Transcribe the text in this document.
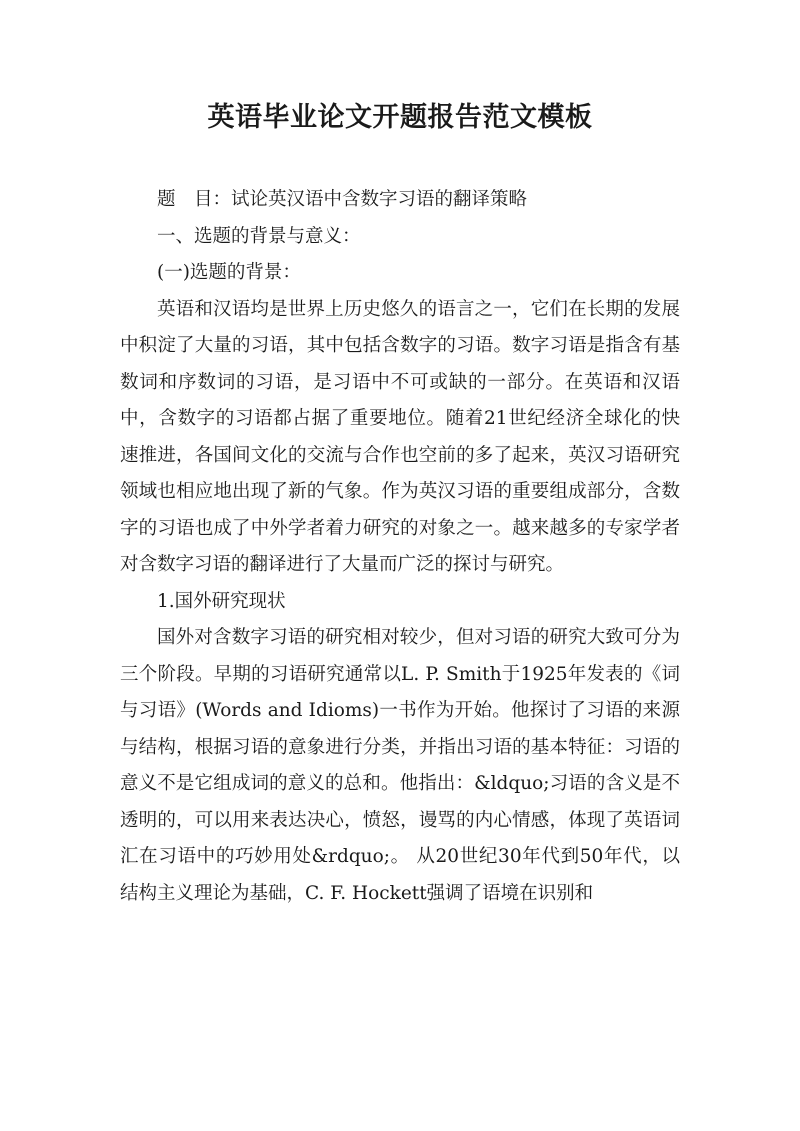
英语毕业论文开题报告范文模板

题　目：试论英汉语中含数字习语的翻译策略

一、选题的背景与意义：

(一)选题的背景：

英语和汉语均是世界上历史悠久的语言之一，它们在长期的发展中积淀了大量的习语，其中包括含数字的习语。数字习语是指含有基数词和序数词的习语，是习语中不可或缺的一部分。在英语和汉语中，含数字的习语都占据了重要地位。随着21世纪经济全球化的快速推进，各国间文化的交流与合作也空前的多了起来，英汉习语研究领域也相应地出现了新的气象。作为英汉习语的重要组成部分，含数字的习语也成了中外学者着力研究的对象之一。越来越多的专家学者对含数字习语的翻译进行了大量而广泛的探讨与研究。

1.国外研究现状

国外对含数字习语的研究相对较少，但对习语的研究大致可分为三个阶段。早期的习语研究通常以L. P. Smith于1925年发表的《词与习语》(Words and Idioms)一书作为开始。他探讨了习语的来源与结构，根据习语的意象进行分类，并指出习语的基本特征：习语的意义不是它组成词的意义的总和。他指出：&ldquo;习语的含义是不透明的，可以用来表达决心，愤怒，谩骂的内心情感，体现了英语词汇在习语中的巧妙用处&rdquo;。 从20世纪30年代到50年代，以结构主义理论为基础，C. F. Hockett强调了语境在识别和
